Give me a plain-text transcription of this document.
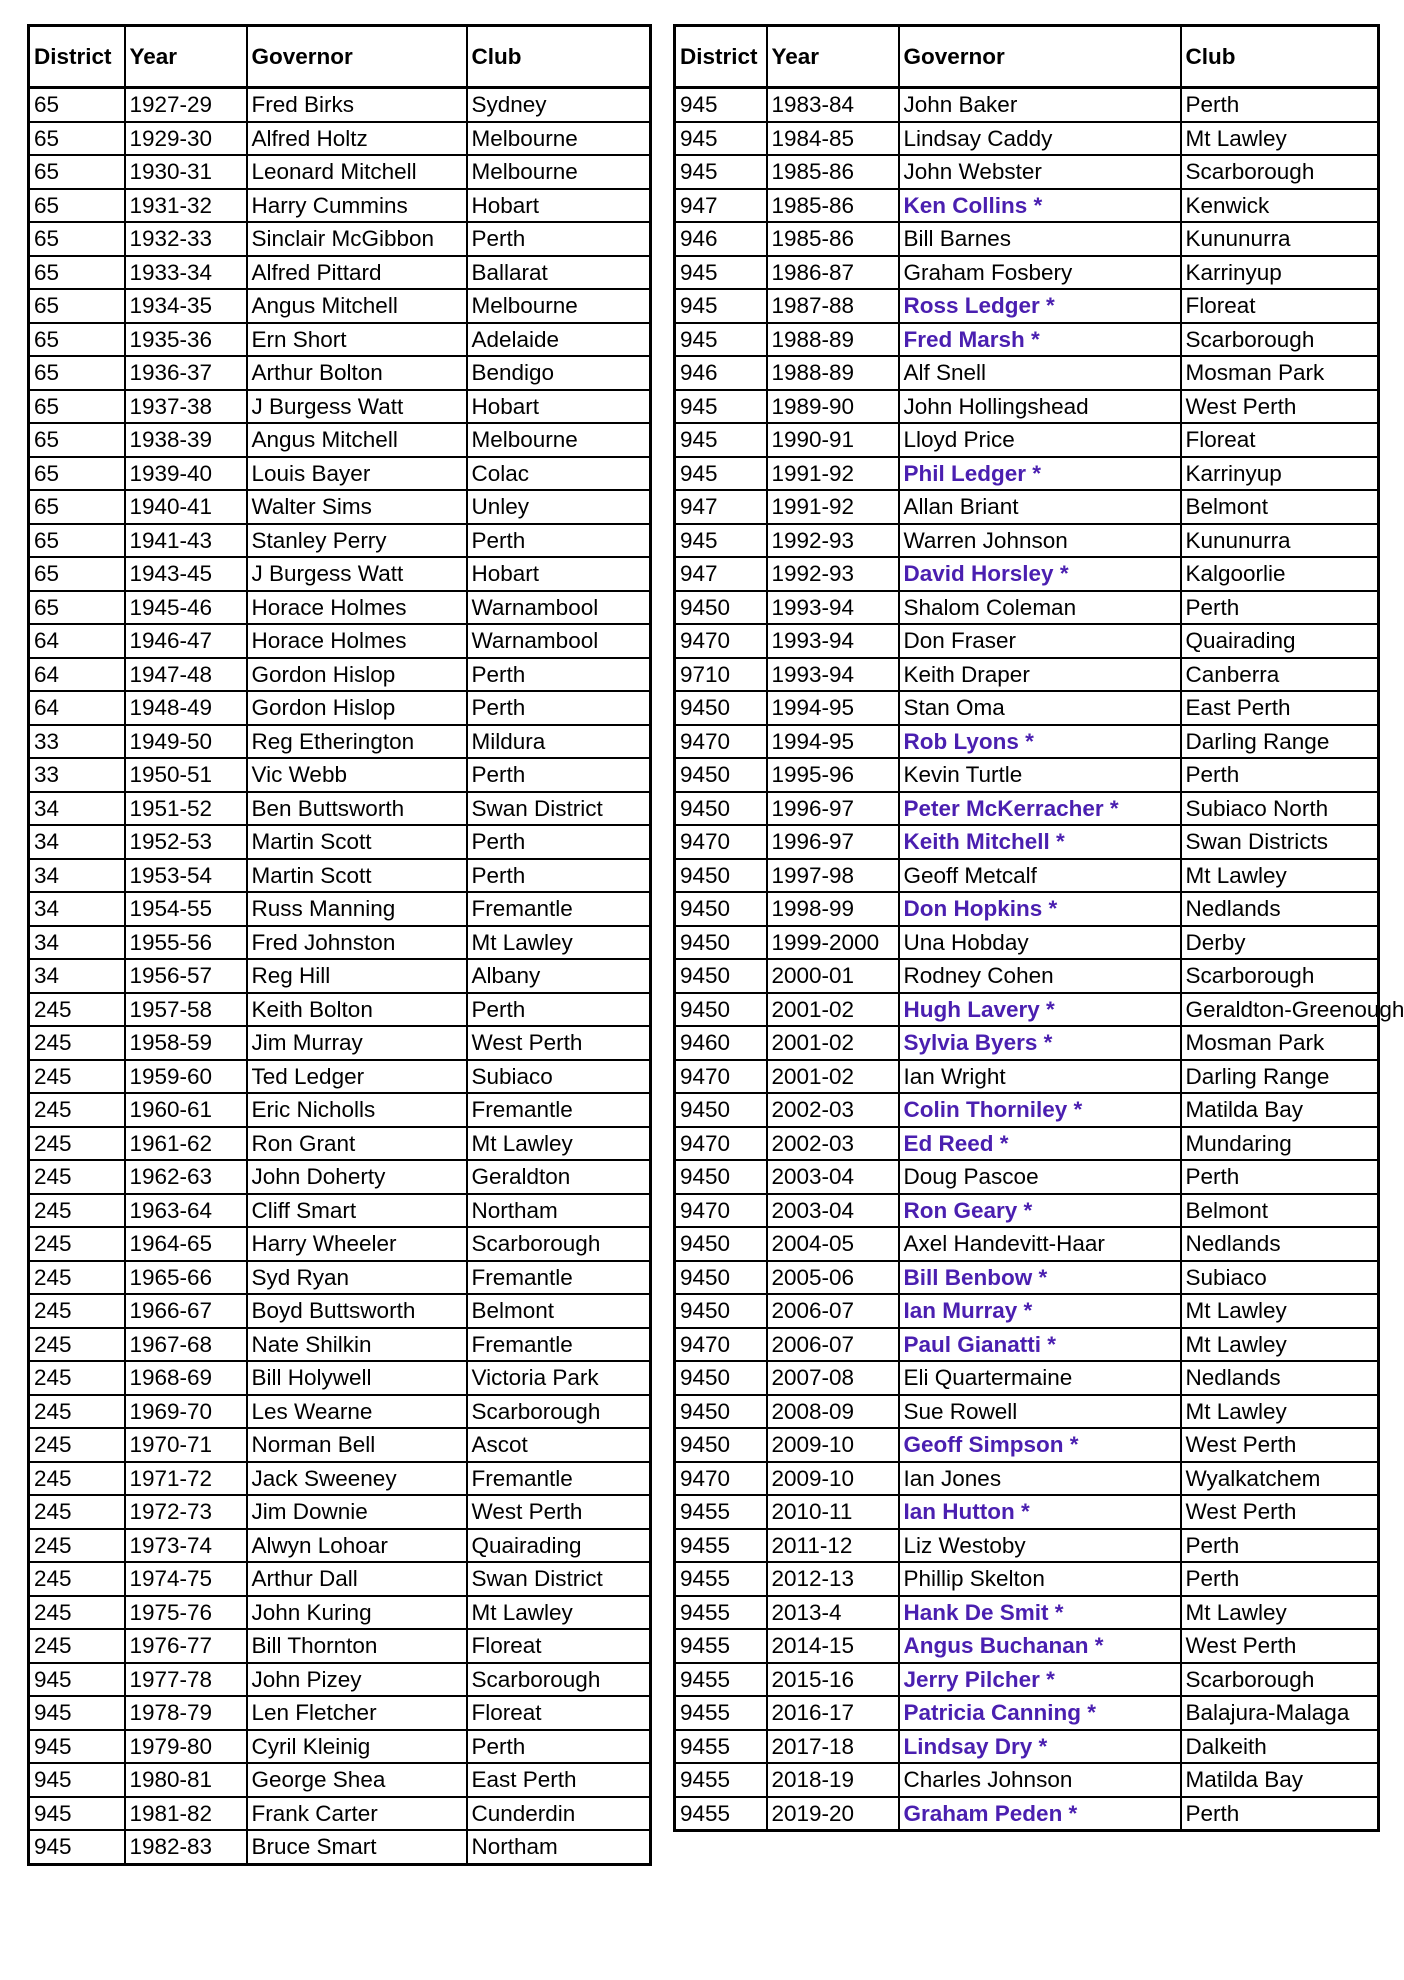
District	Year	Governor	Club
65	1927-29	Fred Birks	Sydney
65	1929-30	Alfred Holtz	Melbourne
65	1930-31	Leonard Mitchell	Melbourne
65	1931-32	Harry Cummins	Hobart
65	1932-33	Sinclair McGibbon	Perth
65	1933-34	Alfred Pittard	Ballarat
65	1934-35	Angus Mitchell	Melbourne
65	1935-36	Ern Short	Adelaide
65	1936-37	Arthur Bolton	Bendigo
65	1937-38	J Burgess Watt	Hobart
65	1938-39	Angus Mitchell	Melbourne
65	1939-40	Louis Bayer	Colac
65	1940-41	Walter Sims	Unley
65	1941-43	Stanley Perry	Perth
65	1943-45	J Burgess Watt	Hobart
65	1945-46	Horace Holmes	Warnambool
64	1946-47	Horace Holmes	Warnambool
64	1947-48	Gordon Hislop	Perth
64	1948-49	Gordon Hislop	Perth
33	1949-50	Reg Etherington	Mildura
33	1950-51	Vic Webb	Perth
34	1951-52	Ben Buttsworth	Swan District
34	1952-53	Martin Scott	Perth
34	1953-54	Martin Scott	Perth
34	1954-55	Russ Manning	Fremantle
34	1955-56	Fred Johnston	Mt Lawley
34	1956-57	Reg Hill	Albany
245	1957-58	Keith Bolton	Perth
245	1958-59	Jim Murray	West Perth
245	1959-60	Ted Ledger	Subiaco
245	1960-61	Eric Nicholls	Fremantle
245	1961-62	Ron Grant	Mt Lawley
245	1962-63	John Doherty	Geraldton
245	1963-64	Cliff Smart	Northam
245	1964-65	Harry Wheeler	Scarborough
245	1965-66	Syd Ryan	Fremantle
245	1966-67	Boyd Buttsworth	Belmont
245	1967-68	Nate Shilkin	Fremantle
245	1968-69	Bill Holywell	Victoria Park
245	1969-70	Les Wearne	Scarborough
245	1970-71	Norman Bell	Ascot
245	1971-72	Jack Sweeney	Fremantle
245	1972-73	Jim Downie	West Perth
245	1973-74	Alwyn Lohoar	Quairading
245	1974-75	Arthur Dall	Swan District
245	1975-76	John Kuring	Mt Lawley
245	1976-77	Bill Thornton	Floreat
945	1977-78	John Pizey	Scarborough
945	1978-79	Len Fletcher	Floreat
945	1979-80	Cyril Kleinig	Perth
945	1980-81	George Shea	East Perth
945	1981-82	Frank Carter	Cunderdin
945	1982-83	Bruce Smart	Northam
District	Year	Governor	Club
945	1983-84	John Baker	Perth
945	1984-85	Lindsay Caddy	Mt Lawley
945	1985-86	John Webster	Scarborough
947	1985-86	Ken Collins *	Kenwick
946	1985-86	Bill Barnes	Kununurra
945	1986-87	Graham Fosbery	Karrinyup
945	1987-88	Ross Ledger *	Floreat
945	1988-89	Fred Marsh *	Scarborough
946	1988-89	Alf Snell	Mosman Park
945	1989-90	John Hollingshead	West Perth
945	1990-91	Lloyd Price	Floreat
945	1991-92	Phil Ledger *	Karrinyup
947	1991-92	Allan Briant	Belmont
945	1992-93	Warren Johnson	Kununurra
947	1992-93	David Horsley *	Kalgoorlie
9450	1993-94	Shalom Coleman	Perth
9470	1993-94	Don Fraser	Quairading
9710	1993-94	Keith Draper	Canberra
9450	1994-95	Stan Oma	East Perth
9470	1994-95	Rob Lyons *	Darling Range
9450	1995-96	Kevin Turtle	Perth
9450	1996-97	Peter McKerracher *	Subiaco North
9470	1996-97	Keith Mitchell *	Swan Districts
9450	1997-98	Geoff Metcalf	Mt Lawley
9450	1998-99	Don Hopkins *	Nedlands
9450	1999-2000	Una Hobday	Derby
9450	2000-01	Rodney Cohen	Scarborough
9450	2001-02	Hugh Lavery *	Geraldton-Greenough
9460	2001-02	Sylvia Byers *	Mosman Park
9470	2001-02	Ian Wright	Darling Range
9450	2002-03	Colin Thorniley *	Matilda Bay
9470	2002-03	Ed Reed *	Mundaring
9450	2003-04	Doug Pascoe	Perth
9470	2003-04	Ron Geary *	Belmont
9450	2004-05	Axel Handevitt-Haar	Nedlands
9450	2005-06	Bill Benbow *	Subiaco
9450	2006-07	Ian Murray *	Mt Lawley
9470	2006-07	Paul Gianatti *	Mt Lawley
9450	2007-08	Eli Quartermaine	Nedlands
9450	2008-09	Sue Rowell	Mt Lawley
9450	2009-10	Geoff Simpson *	West Perth
9470	2009-10	Ian Jones	Wyalkatchem
9455	2010-11	Ian Hutton *	West Perth
9455	2011-12	Liz Westoby	Perth
9455	2012-13	Phillip Skelton	Perth
9455	2013-4	Hank De Smit *	Mt Lawley
9455	2014-15	Angus Buchanan *	West Perth
9455	2015-16	Jerry Pilcher *	Scarborough
9455	2016-17	Patricia Canning *	Balajura-Malaga
9455	2017-18	Lindsay Dry *	Dalkeith
9455	2018-19	Charles Johnson	Matilda Bay
9455	2019-20	Graham Peden *	Perth
